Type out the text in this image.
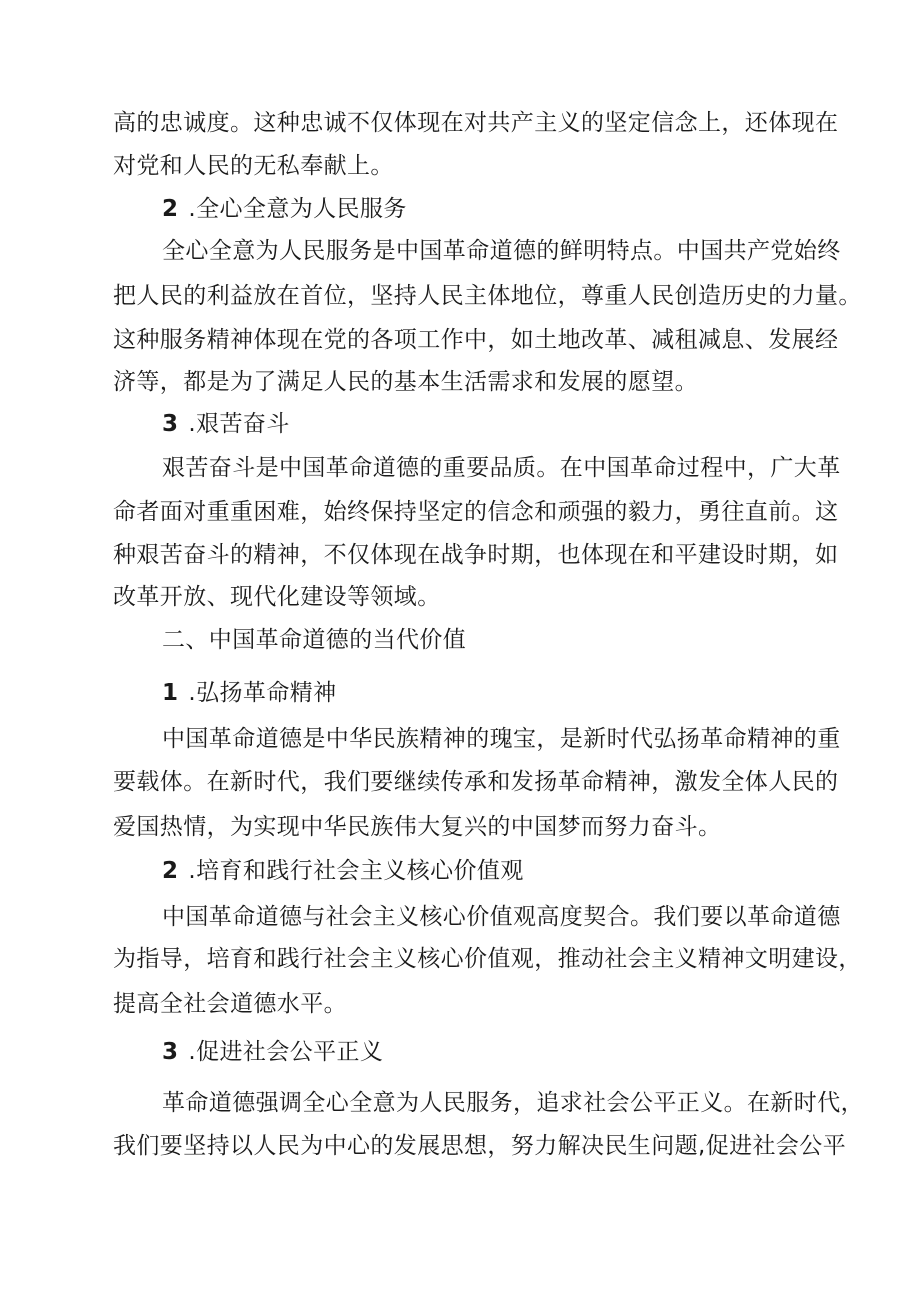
高的忠诚度。这种忠诚不仅体现在对共产主义的坚定信念上，还体现在
对党和人民的无私奉献上。
2 .全心全意为人民服务
全心全意为人民服务是中国革命道德的鲜明特点。中国共产党始终
把人民的利益放在首位，坚持人民主体地位，尊重人民创造历史的力量。
这种服务精神体现在党的各项工作中，如土地改革、减租减息、发展经
济等，都是为了满足人民的基本生活需求和发展的愿望。
3 .艰苦奋斗
艰苦奋斗是中国革命道德的重要品质。在中国革命过程中，广大革
命者面对重重困难，始终保持坚定的信念和顽强的毅力，勇往直前。这
种艰苦奋斗的精神，不仅体现在战争时期，也体现在和平建设时期，如
改革开放、现代化建设等领域。
二、中国革命道德的当代价值
1 .弘扬革命精神
中国革命道德是中华民族精神的瑰宝，是新时代弘扬革命精神的重
要载体。在新时代，我们要继续传承和发扬革命精神，激发全体人民的
爱国热情，为实现中华民族伟大复兴的中国梦而努力奋斗。
2 .培育和践行社会主义核心价值观
中国革命道德与社会主义核心价值观高度契合。我们要以革命道德
为指导，培育和践行社会主义核心价值观，推动社会主义精神文明建设，
提高全社会道德水平。
3 .促进社会公平正义
革命道德强调全心全意为人民服务，追求社会公平正义。在新时代，
我们要坚持以人民为中心的发展思想，努力解决民生问题,促进社会公平
